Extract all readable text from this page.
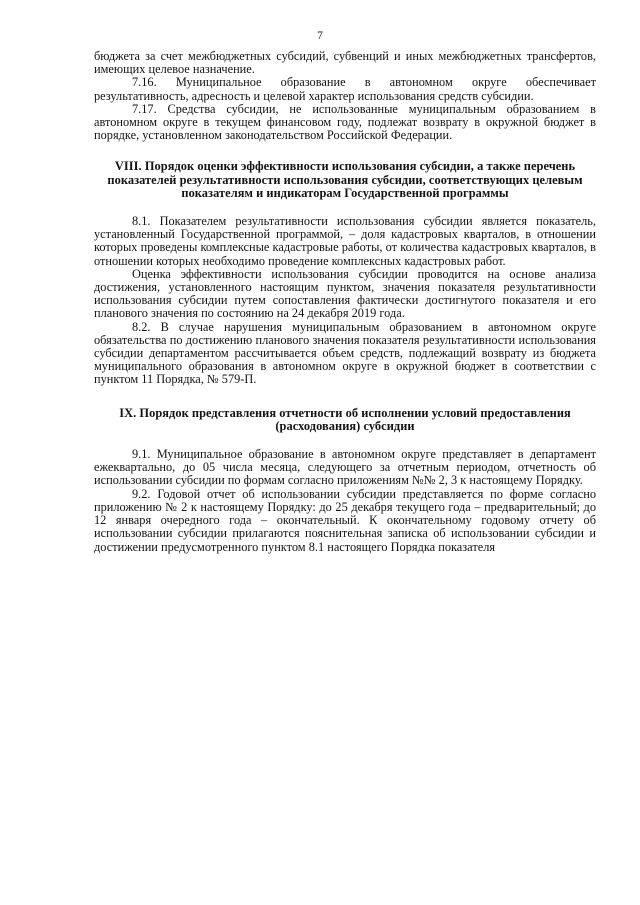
7

бюджета за счет межбюджетных субсидий, субвенций и иных межбюджетных трансфертов, имеющих целевое назначение.

7.16. Муниципальное образование в автономном округе обеспечивает результативность, адресность и целевой характер использования средств субсидии.

7.17. Средства субсидии, не использованные муниципальным образованием в автономном округе в текущем финансовом году, подлежат возврату в окружной бюджет в порядке, установленном законодательством Российской Федерации.

VIII. Порядок оценки эффективности использования субсидии, а также перечень показателей результативности использования субсидии, соответствующих целевым показателям и индикаторам Государственной программы

8.1. Показателем результативности использования субсидии является показатель, установленный Государственной программой, – доля кадастровых кварталов, в отношении которых проведены комплексные кадастровые работы, от количества кадастровых кварталов, в отношении которых необходимо проведение комплексных кадастровых работ.

Оценка эффективности использования субсидии проводится на основе анализа достижения, установленного настоящим пунктом, значения показателя результативности использования субсидии путем сопоставления фактически достигнутого показателя и его планового значения по состоянию на 24 декабря 2019 года.

8.2. В случае нарушения муниципальным образованием в автономном округе обязательства по достижению планового значения показателя результативности использования субсидии департаментом рассчитывается объем средств, подлежащий возврату из бюджета муниципального образования в автономном округе в окружной бюджет в соответствии с пунктом 11 Порядка, № 579-П.

IX. Порядок представления отчетности об исполнении условий предоставления (расходования) субсидии

9.1. Муниципальное образование в автономном округе представляет в департамент ежеквартально, до 05 числа месяца, следующего за отчетным периодом, отчетность об использовании субсидии по формам согласно приложениям №№ 2, 3 к настоящему Порядку.

9.2. Годовой отчет об использовании субсидии представляется по форме согласно приложению № 2 к настоящему Порядку: до 25 декабря текущего года – предварительный; до 12 января очередного года – окончательный. К окончательному годовому отчету об использовании субсидии прилагаются пояснительная записка об использовании субсидии и достижении предусмотренного пунктом 8.1 настоящего Порядка показателя
